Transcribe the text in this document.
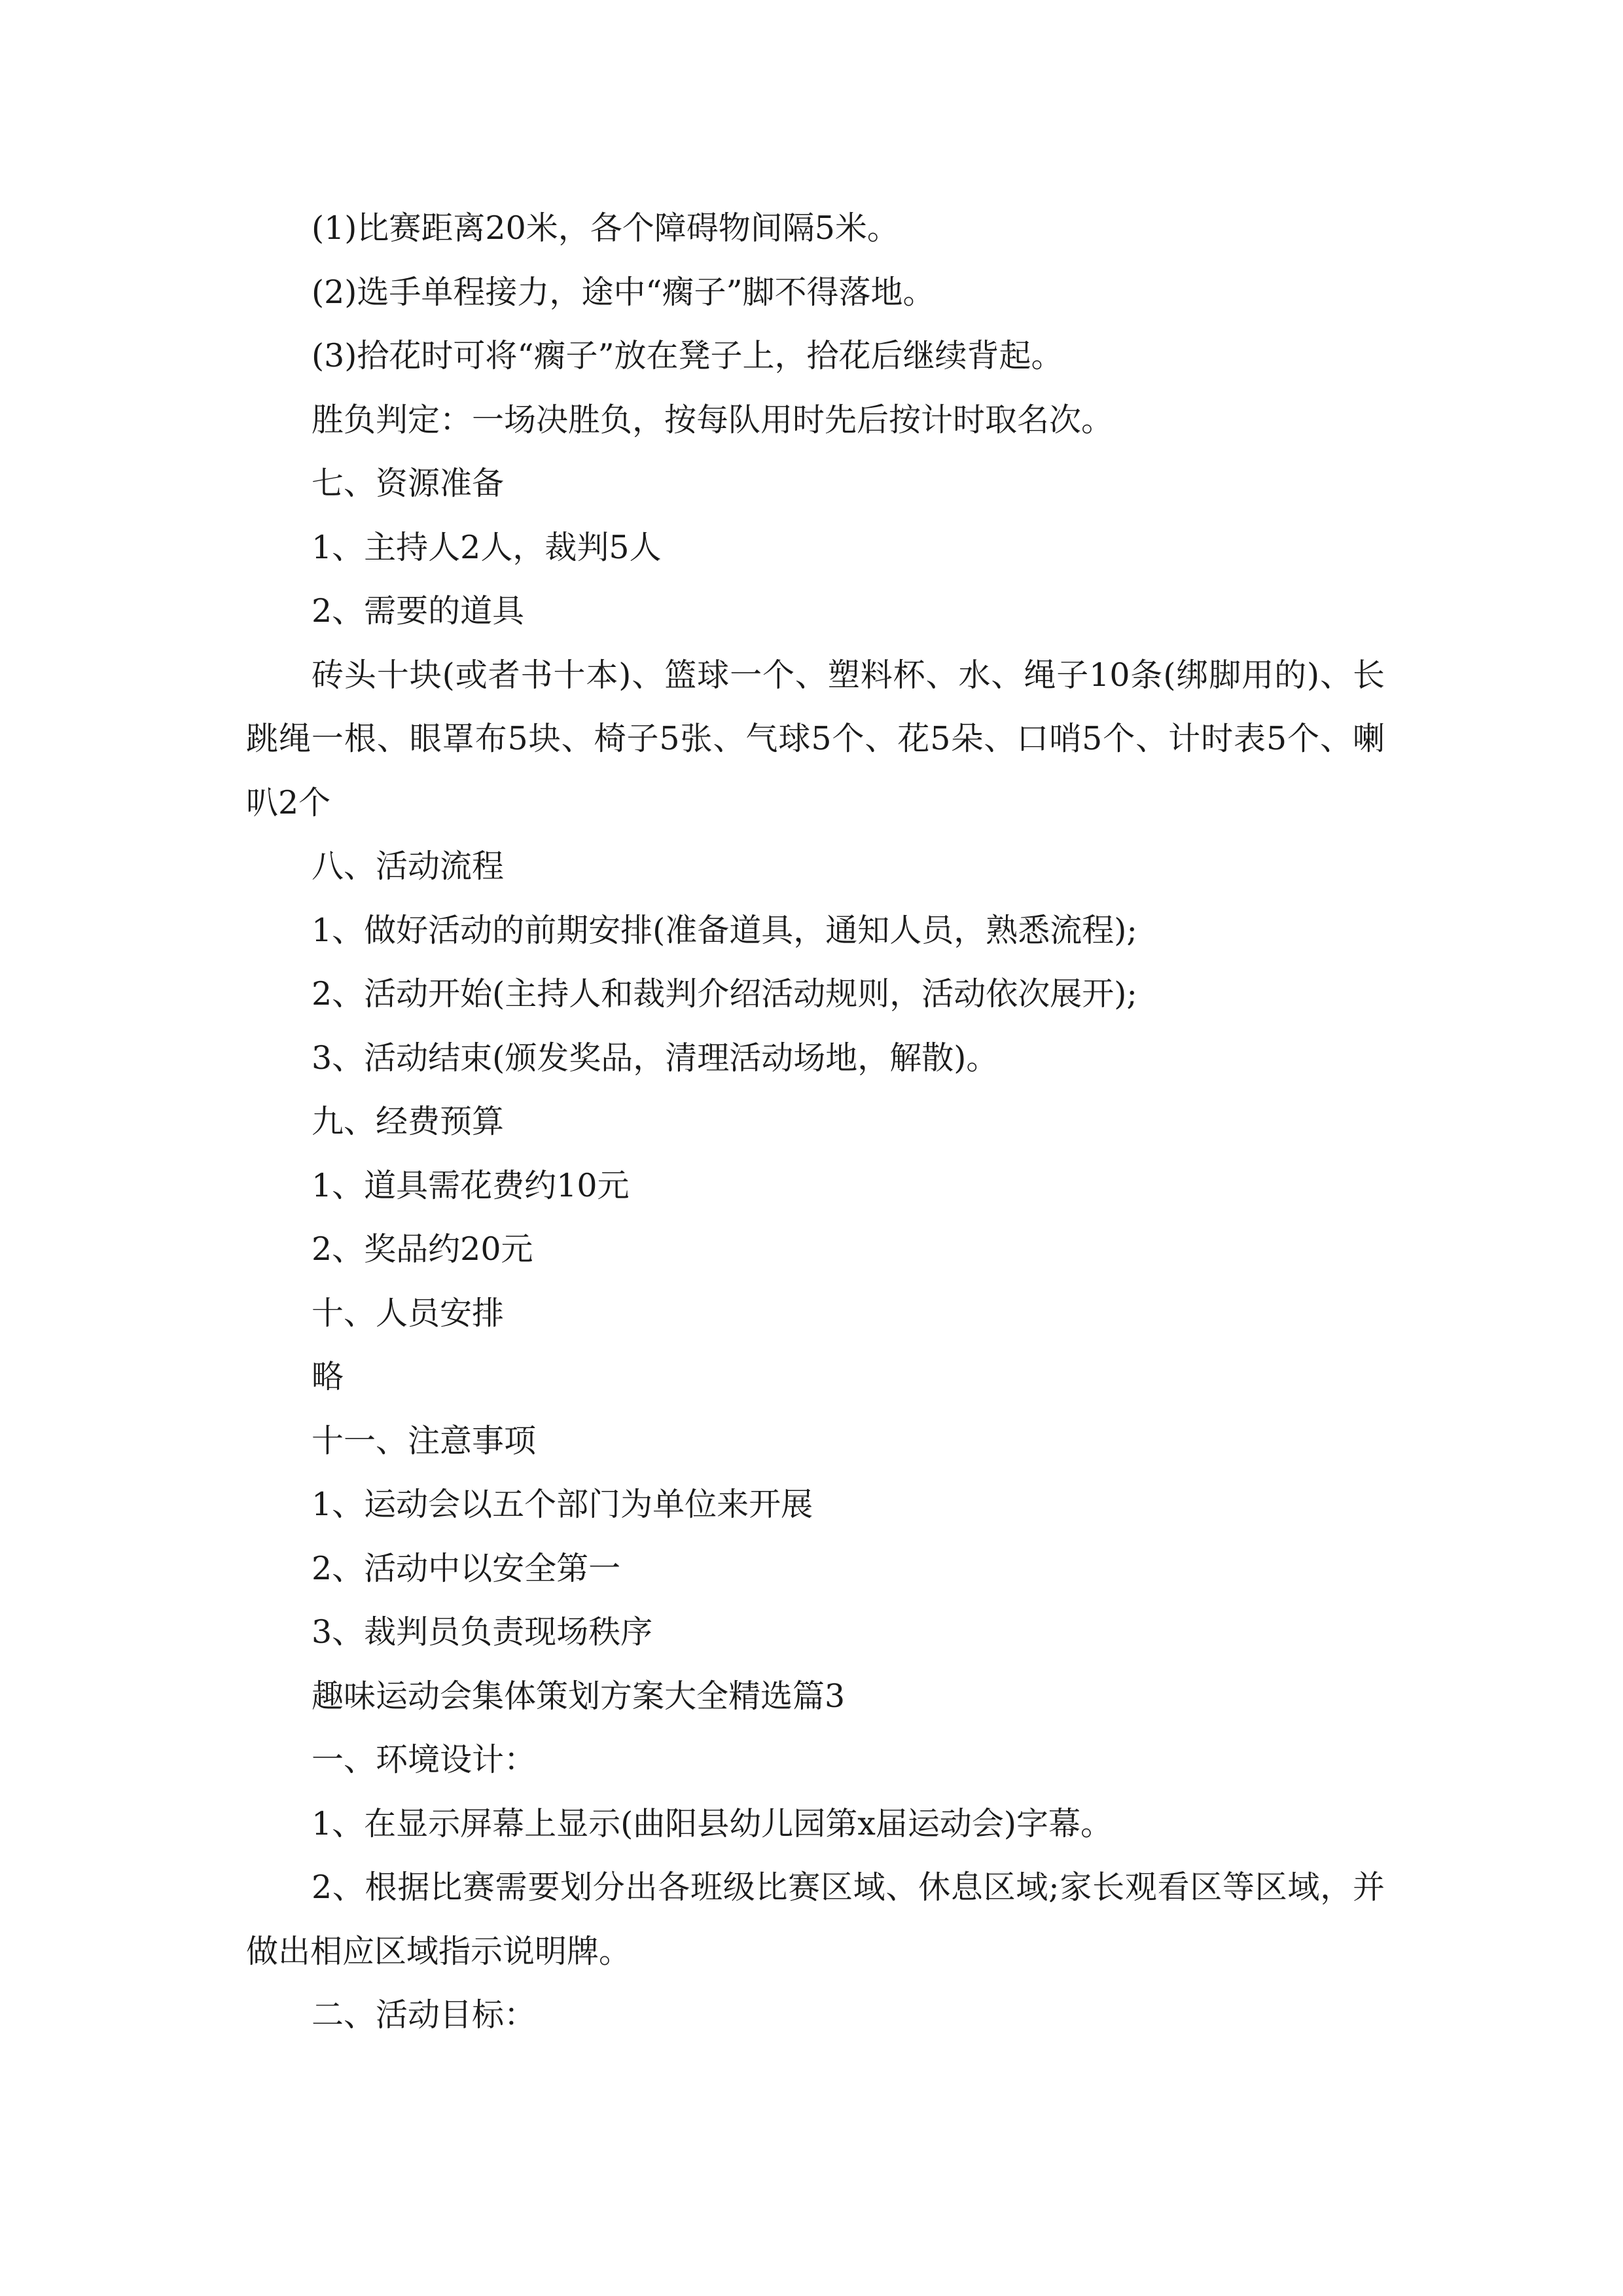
(1)比赛距离20米，各个障碍物间隔5米。

(2)选手单程接力，途中“瘸子”脚不得落地。

(3)拾花时可将“瘸子”放在凳子上，拾花后继续背起。

胜负判定：一场决胜负，按每队用时先后按计时取名次。

七、资源准备

1、主持人2人，裁判5人

2、需要的道具

砖头十块(或者书十本)、篮球一个、塑料杯、水、绳子10条(绑脚用的)、长跳绳一根、眼罩布5块、椅子5张、气球5个、花5朵、口哨5个、计时表5个、喇叭2个

八、活动流程

1、做好活动的前期安排(准备道具，通知人员，熟悉流程);

2、活动开始(主持人和裁判介绍活动规则，活动依次展开);

3、活动结束(颁发奖品，清理活动场地，解散)。

九、经费预算

1、道具需花费约10元

2、奖品约20元

十、人员安排

略

十一、注意事项

1、运动会以五个部门为单位来开展

2、活动中以安全第一

3、裁判员负责现场秩序

趣味运动会集体策划方案大全精选篇3

一、环境设计：

1、在显示屏幕上显示(曲阳县幼儿园第x届运动会)字幕。

2、根据比赛需要划分出各班级比赛区域、休息区域;家长观看区等区域，并做出相应区域指示说明牌。

二、活动目标：
